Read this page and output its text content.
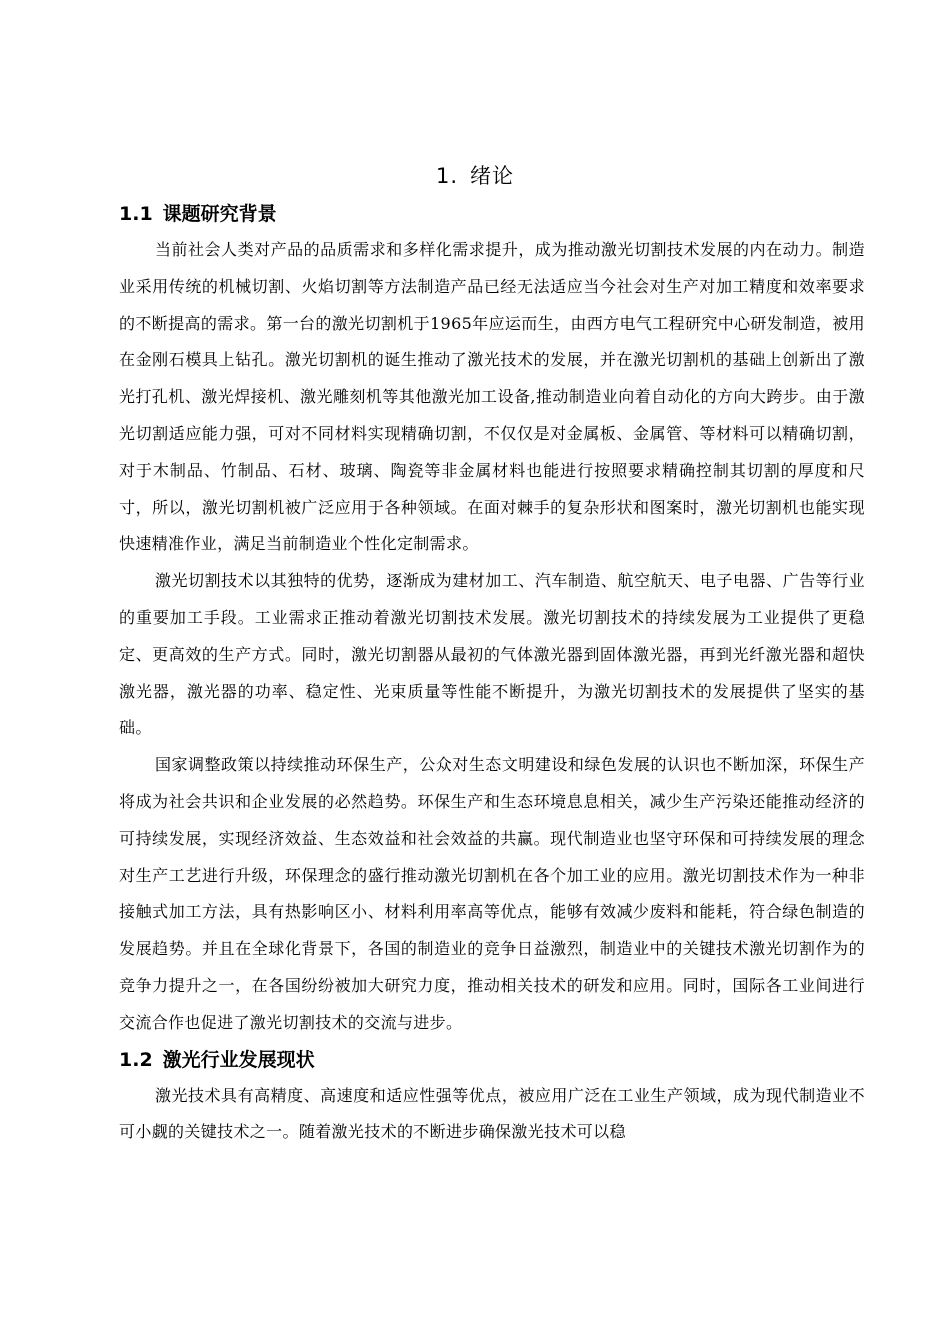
1. 绪论
1.1 课题研究背景

当前社会人类对产品的品质需求和多样化需求提升，成为推动激光切割技术发展的内在动力。制造业采用传统的机械切割、火焰切割等方法制造产品已经无法适应当今社会对生产对加工精度和效率要求的不断提高的需求。第一台的激光切割机于1965年应运而生，由西方电气工程研究中心研发制造，被用在金刚石模具上钻孔。激光切割机的诞生推动了激光技术的发展，并在激光切割机的基础上创新出了激光打孔机、激光焊接机、激光雕刻机等其他激光加工设备,推动制造业向着自动化的方向大跨步。由于激光切割适应能力强，可对不同材料实现精确切割，不仅仅是对金属板、金属管、等材料可以精确切割，对于木制品、竹制品、石材、玻璃、陶瓷等非金属材料也能进行按照要求精确控制其切割的厚度和尺寸，所以，激光切割机被广泛应用于各种领域。在面对棘手的复杂形状和图案时，激光切割机也能实现快速精准作业，满足当前制造业个性化定制需求。

激光切割技术以其独特的优势，逐渐成为建材加工、汽车制造、航空航天、电子电器、广告等行业的重要加工手段。工业需求正推动着激光切割技术发展。激光切割技术的持续发展为工业提供了更稳定、更高效的生产方式。同时，激光切割器从最初的气体激光器到固体激光器，再到光纤激光器和超快激光器，激光器的功率、稳定性、光束质量等性能不断提升，为激光切割技术的发展提供了坚实的基础。

国家调整政策以持续推动环保生产，公众对生态文明建设和绿色发展的认识也不断加深，环保生产将成为社会共识和企业发展的必然趋势。环保生产和生态环境息息相关，减少生产污染还能推动经济的可持续发展，实现经济效益、生态效益和社会效益的共赢。现代制造业也坚守环保和可持续发展的理念对生产工艺进行升级，环保理念的盛行推动激光切割机在各个加工业的应用。激光切割技术作为一种非接触式加工方法，具有热影响区小、材料利用率高等优点，能够有效减少废料和能耗，符合绿色制造的发展趋势。并且在全球化背景下，各国的制造业的竞争日益激烈，制造业中的关键技术激光切割作为的竞争力提升之一，在各国纷纷被加大研究力度，推动相关技术的研发和应用。同时，国际各工业间进行交流合作也促进了激光切割技术的交流与进步。

1.2 激光行业发展现状

激光技术具有高精度、高速度和适应性强等优点，被应用广泛在工业生产领域，成为现代制造业不可小觑的关键技术之一。随着激光技术的不断进步确保激光技术可以稳
